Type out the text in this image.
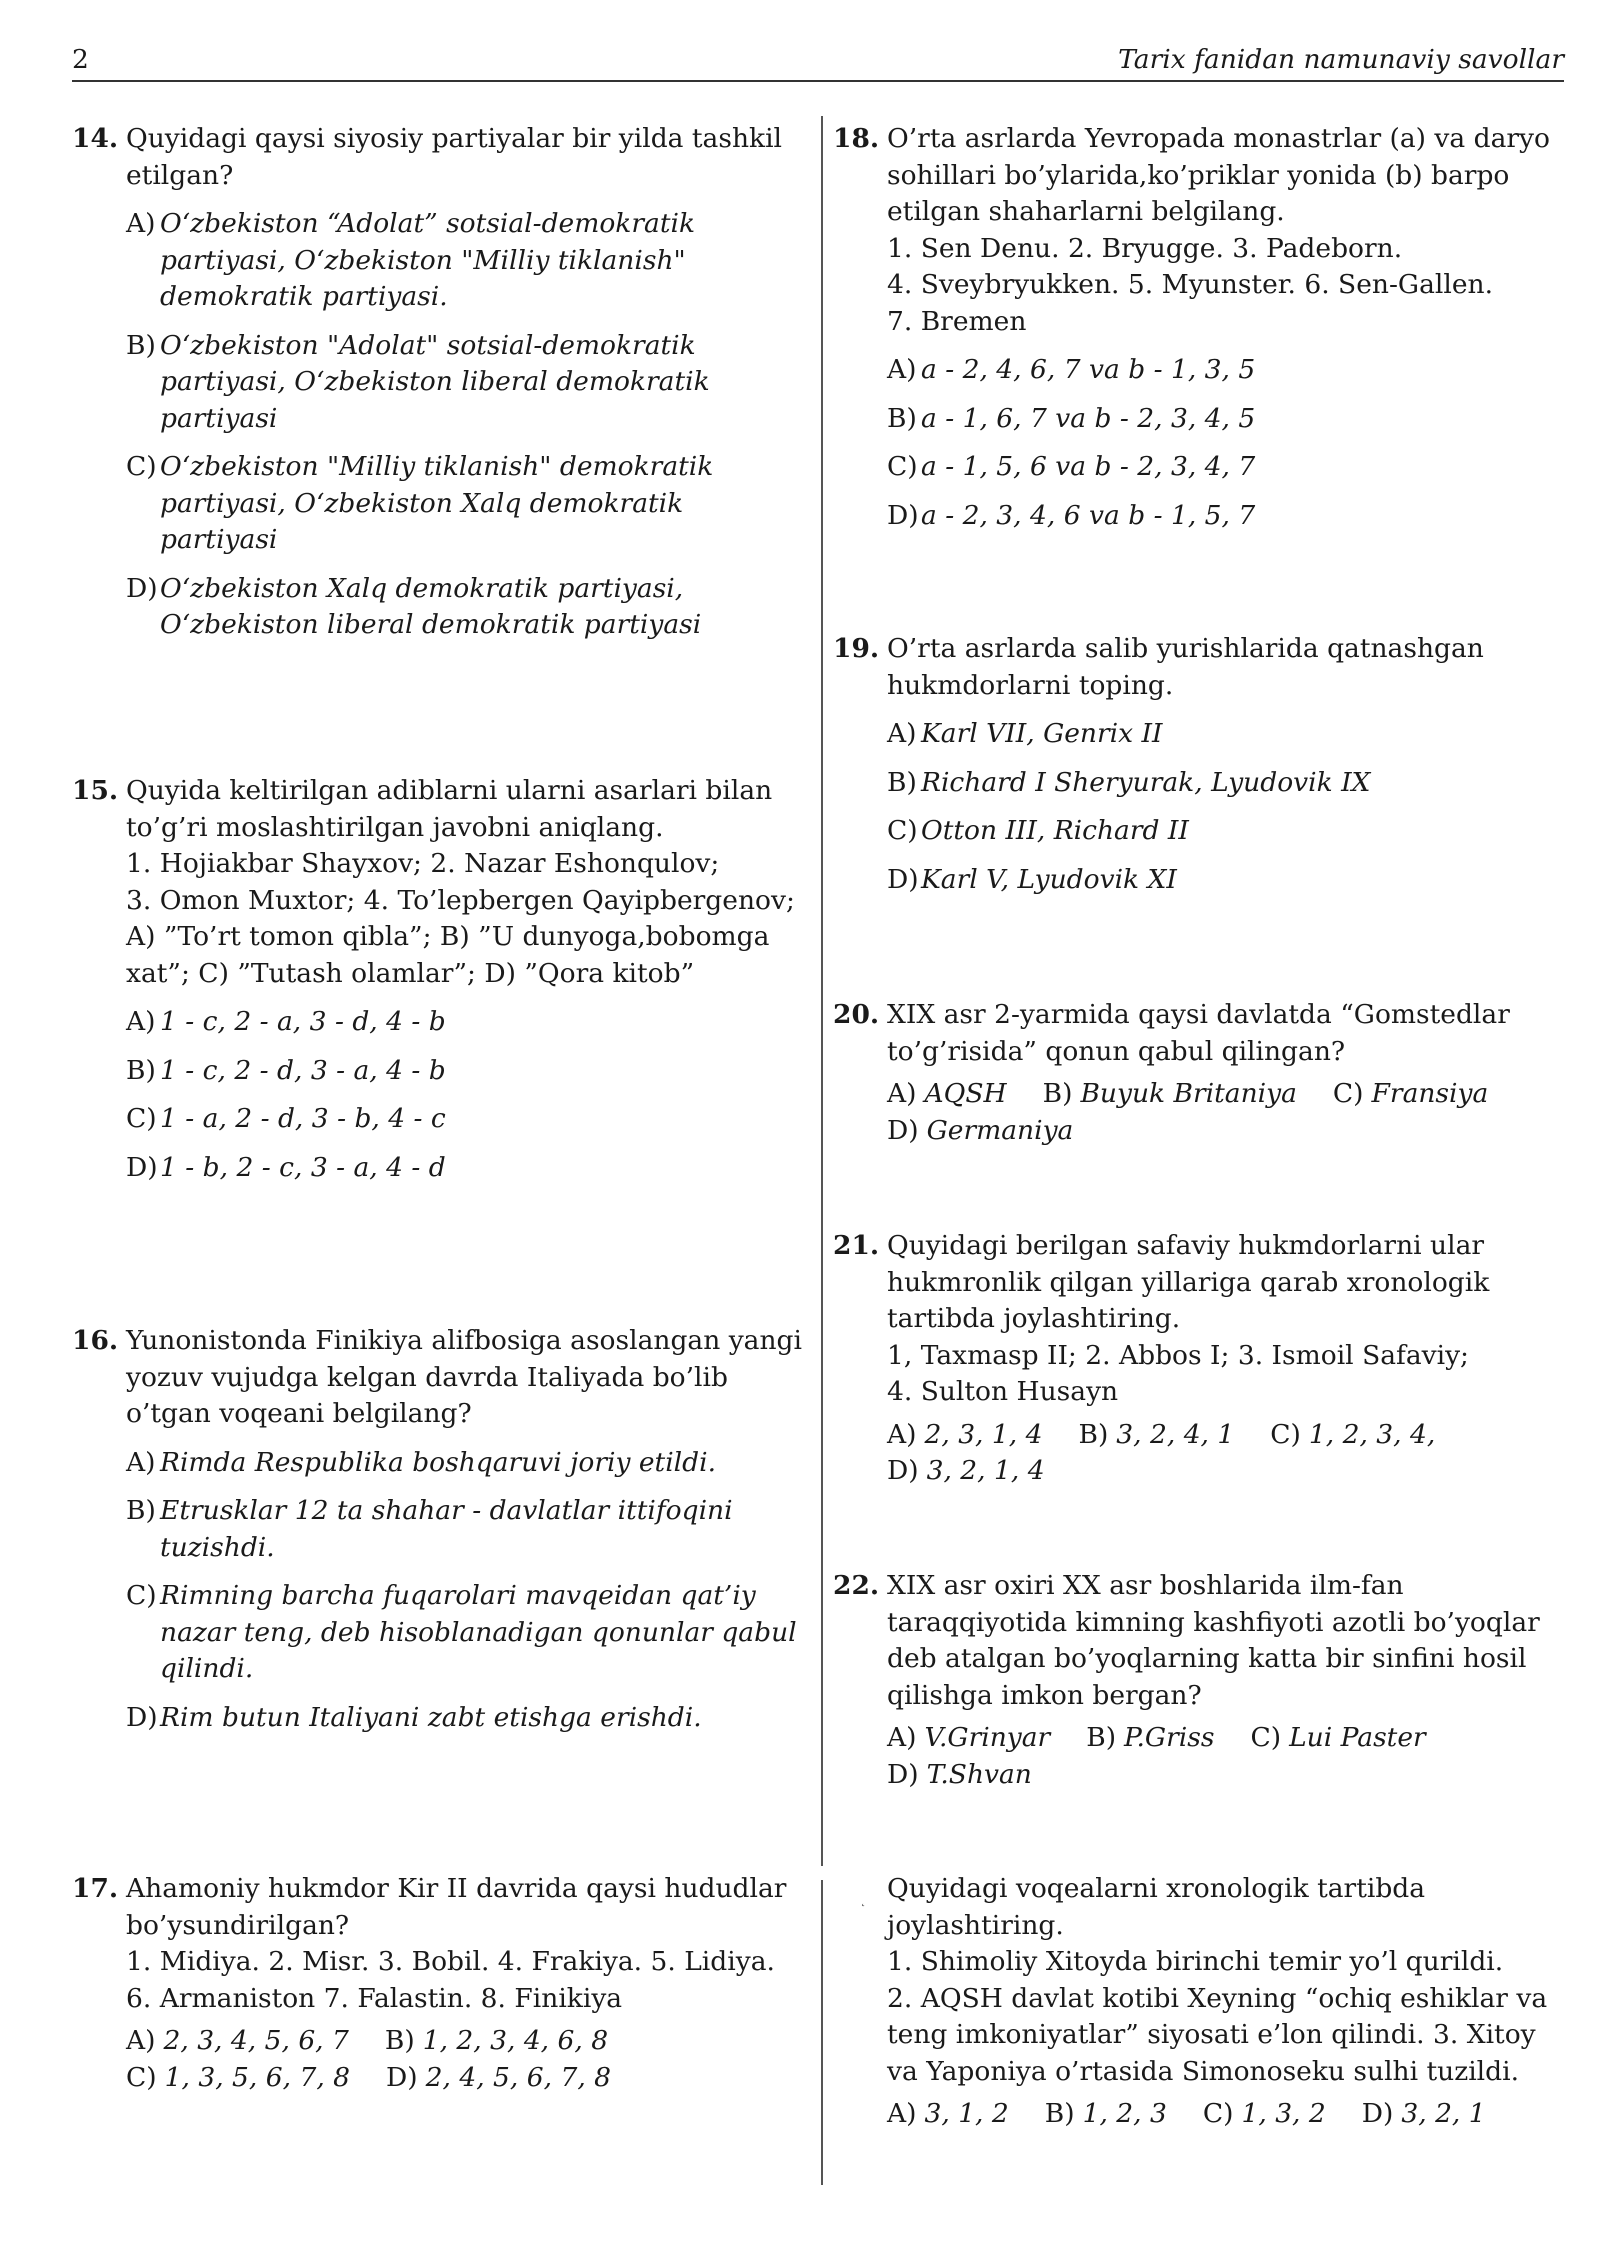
2	Tarix fanidan namunaviy savollar
14. Quyidagi qaysi siyosiy partiyalar bir yilda tashkil
etilgan?
A) O‘zbekiston “Adolat” sotsial-demokratik
partiyasi, O‘zbekiston "Milliy tiklanish"
demokratik partiyasi.
B) O‘zbekiston "Adolat" sotsial-demokratik
partiyasi, O‘zbekiston liberal demokratik
partiyasi
C) O‘zbekiston "Milliy tiklanish" demokratik
partiyasi, O‘zbekiston Xalq demokratik
partiyasi
D) O‘zbekiston Xalq demokratik partiyasi,
O‘zbekiston liberal demokratik partiyasi
15. Quyida keltirilgan adiblarni ularni asarlari bilan
to’g’ri moslashtirilgan javobni aniqlang.
1. Hojiakbar Shayxov; 2. Nazar Eshonqulov;
3. Omon Muxtor; 4. To’lepbergen Qayipbergenov;
A) ”To’rt tomon qibla”; B) ”U dunyoga,bobomga
xat”; C) ”Tutash olamlar”; D) ”Qora kitob”
A) 1 - c, 2 - a, 3 - d, 4 - b
B) 1 - c, 2 - d, 3 - a, 4 - b
C) 1 - a, 2 - d, 3 - b, 4 - c
D) 1 - b, 2 - c, 3 - a, 4 - d
16. Yunonistonda Finikiya alifbosiga asoslangan yangi
yozuv vujudga kelgan davrda Italiyada bo’lib
o’tgan voqeani belgilang?
A) Rimda Respublika boshqaruvi joriy etildi.
B) Etrusklar 12 ta shahar - davlatlar ittifoqini
tuzishdi.
C) Rimning barcha fuqarolari mavqeidan qat’iy
nazar teng, deb hisoblanadigan qonunlar qabul
qilindi.
D) Rim butun Italiyani zabt etishga erishdi.
17. Ahamoniy hukmdor Kir II davrida qaysi hududlar
bo’ysundirilgan?
1. Midiya. 2. Misr. 3. Bobil. 4. Frakiya. 5. Lidiya.
6. Armaniston 7. Falastin. 8. Finikiya
A) 2, 3, 4, 5, 6, 7 B) 1, 2, 3, 4, 6, 8
C) 1, 3, 5, 6, 7, 8 D) 2, 4, 5, 6, 7, 8
18. O’rta asrlarda Yevropada monastrlar (a) va daryo
sohillari bo’ylarida,ko’priklar yonida (b) barpo
etilgan shaharlarni belgilang.
1. Sen Denu. 2. Bryugge. 3. Padeborn.
4. Sveybryukken. 5. Myunster. 6. Sen-Gallen.
7. Bremen
A) a - 2, 4, 6, 7 va b - 1, 3, 5
B) a - 1, 6, 7 va b - 2, 3, 4, 5
C) a - 1, 5, 6 va b - 2, 3, 4, 7
D) a - 2, 3, 4, 6 va b - 1, 5, 7
19. O’rta asrlarda salib yurishlarida qatnashgan
hukmdorlarni toping.
A) Karl VII, Genrix II
B) Richard I Sheryurak, Lyudovik IX
C) Otton III, Richard II
D) Karl V, Lyudovik XI
20. XIX asr 2-yarmida qaysi davlatda “Gomstedlar
to’g’risida” qonun qabul qilingan?
A) AQSH B) Buyuk Britaniya C) Fransiya
D) Germaniya
21. Quyidagi berilgan safaviy hukmdorlarni ular
hukmronlik qilgan yillariga qarab xronologik
tartibda joylashtiring.
1, Taxmasp II; 2. Abbos I; 3. Ismoil Safaviy;
4. Sulton Husayn
A) 2, 3, 1, 4 B) 3, 2, 4, 1 C) 1, 2, 3, 4,
D) 3, 2, 1, 4
22. XIX asr oxiri XX asr boshlarida ilm-fan
taraqqiyotida kimning kashfiyoti azotli bo’yoqlar
deb atalgan bo’yoqlarning katta bir sinfini hosil
qilishga imkon bergan?
A) V.Grinyar B) P.Griss C) Lui Paster
D) T.Shvan
Quyidagi voqealarni xronologik tartibda
joylashtiring.
1. Shimoliy Xitoyda birinchi temir yo’l qurildi.
2. AQSH davlat kotibi Xeyning “ochiq eshiklar va
teng imkoniyatlar” siyosati e’lon qilindi. 3. Xitoy
va Yaponiya o’rtasida Simonoseku sulhi tuzildi.
A) 3, 1, 2 B) 1, 2, 3 C) 1, 3, 2 D) 3, 2, 1
˛
